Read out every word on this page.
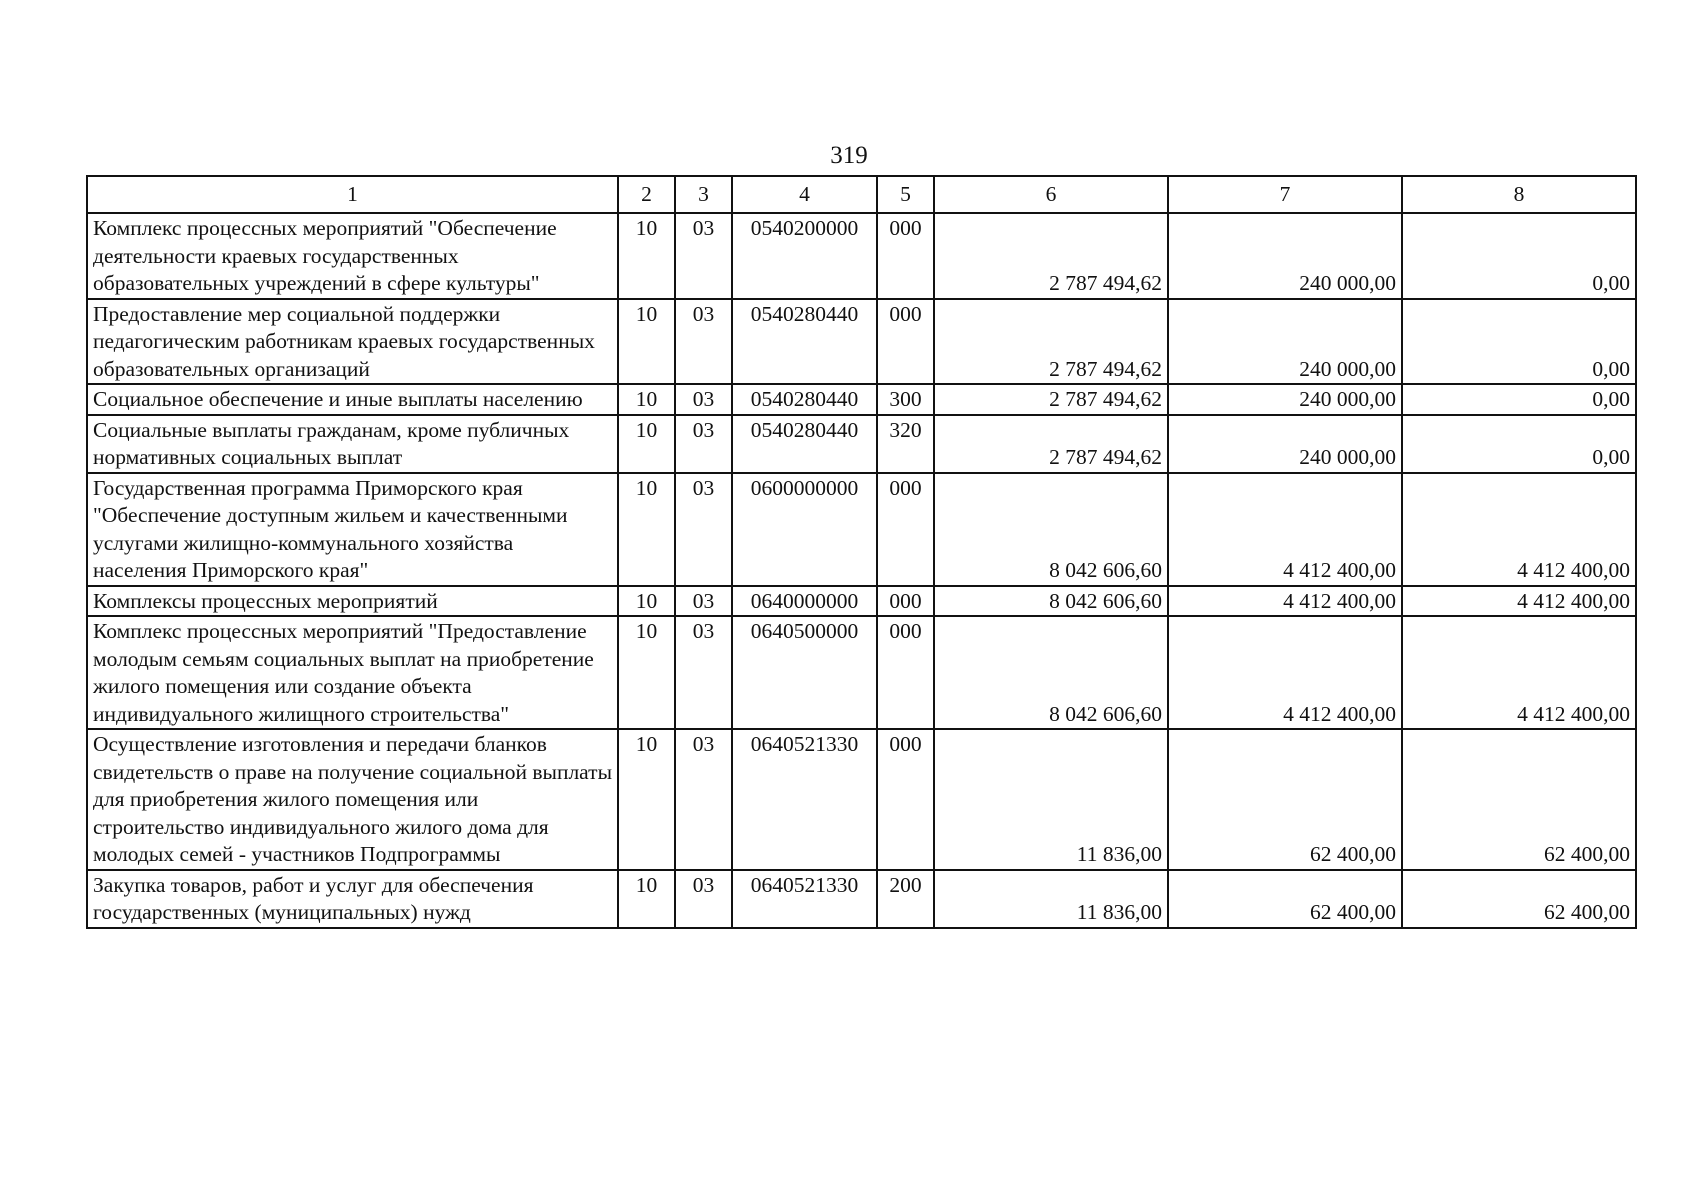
319
1	2	3	4	5	6	7	8
Комплекс процессных мероприятий "Обеспечение деятельности краевых государственных образовательных учреждений в сфере культуры"	10	03	0540200000	000	2 787 494,62	240 000,00	0,00
Предоставление мер социальной поддержки педагогическим работникам краевых государственных образовательных организаций	10	03	0540280440	000	2 787 494,62	240 000,00	0,00
Социальное обеспечение и иные выплаты населению	10	03	0540280440	300	2 787 494,62	240 000,00	0,00
Социальные выплаты гражданам, кроме публичных нормативных социальных выплат	10	03	0540280440	320	2 787 494,62	240 000,00	0,00
Государственная программа Приморского края "Обеспечение доступным жильем и качественными услугами жилищно-коммунального хозяйства населения Приморского края"	10	03	0600000000	000	8 042 606,60	4 412 400,00	4 412 400,00
Комплексы процессных мероприятий	10	03	0640000000	000	8 042 606,60	4 412 400,00	4 412 400,00
Комплекс процессных мероприятий "Предоставление молодым семьям социальных выплат на приобретение жилого помещения или создание объекта индивидуального жилищного строительства"	10	03	0640500000	000	8 042 606,60	4 412 400,00	4 412 400,00
Осуществление изготовления и передачи бланков свидетельств о праве на получение социальной выплаты для приобретения жилого помещения или строительство индивидуального жилого дома для молодых семей - участников Подпрограммы	10	03	0640521330	000	11 836,00	62 400,00	62 400,00
Закупка товаров, работ и услуг для обеспечения государственных (муниципальных) нужд	10	03	0640521330	200	11 836,00	62 400,00	62 400,00
